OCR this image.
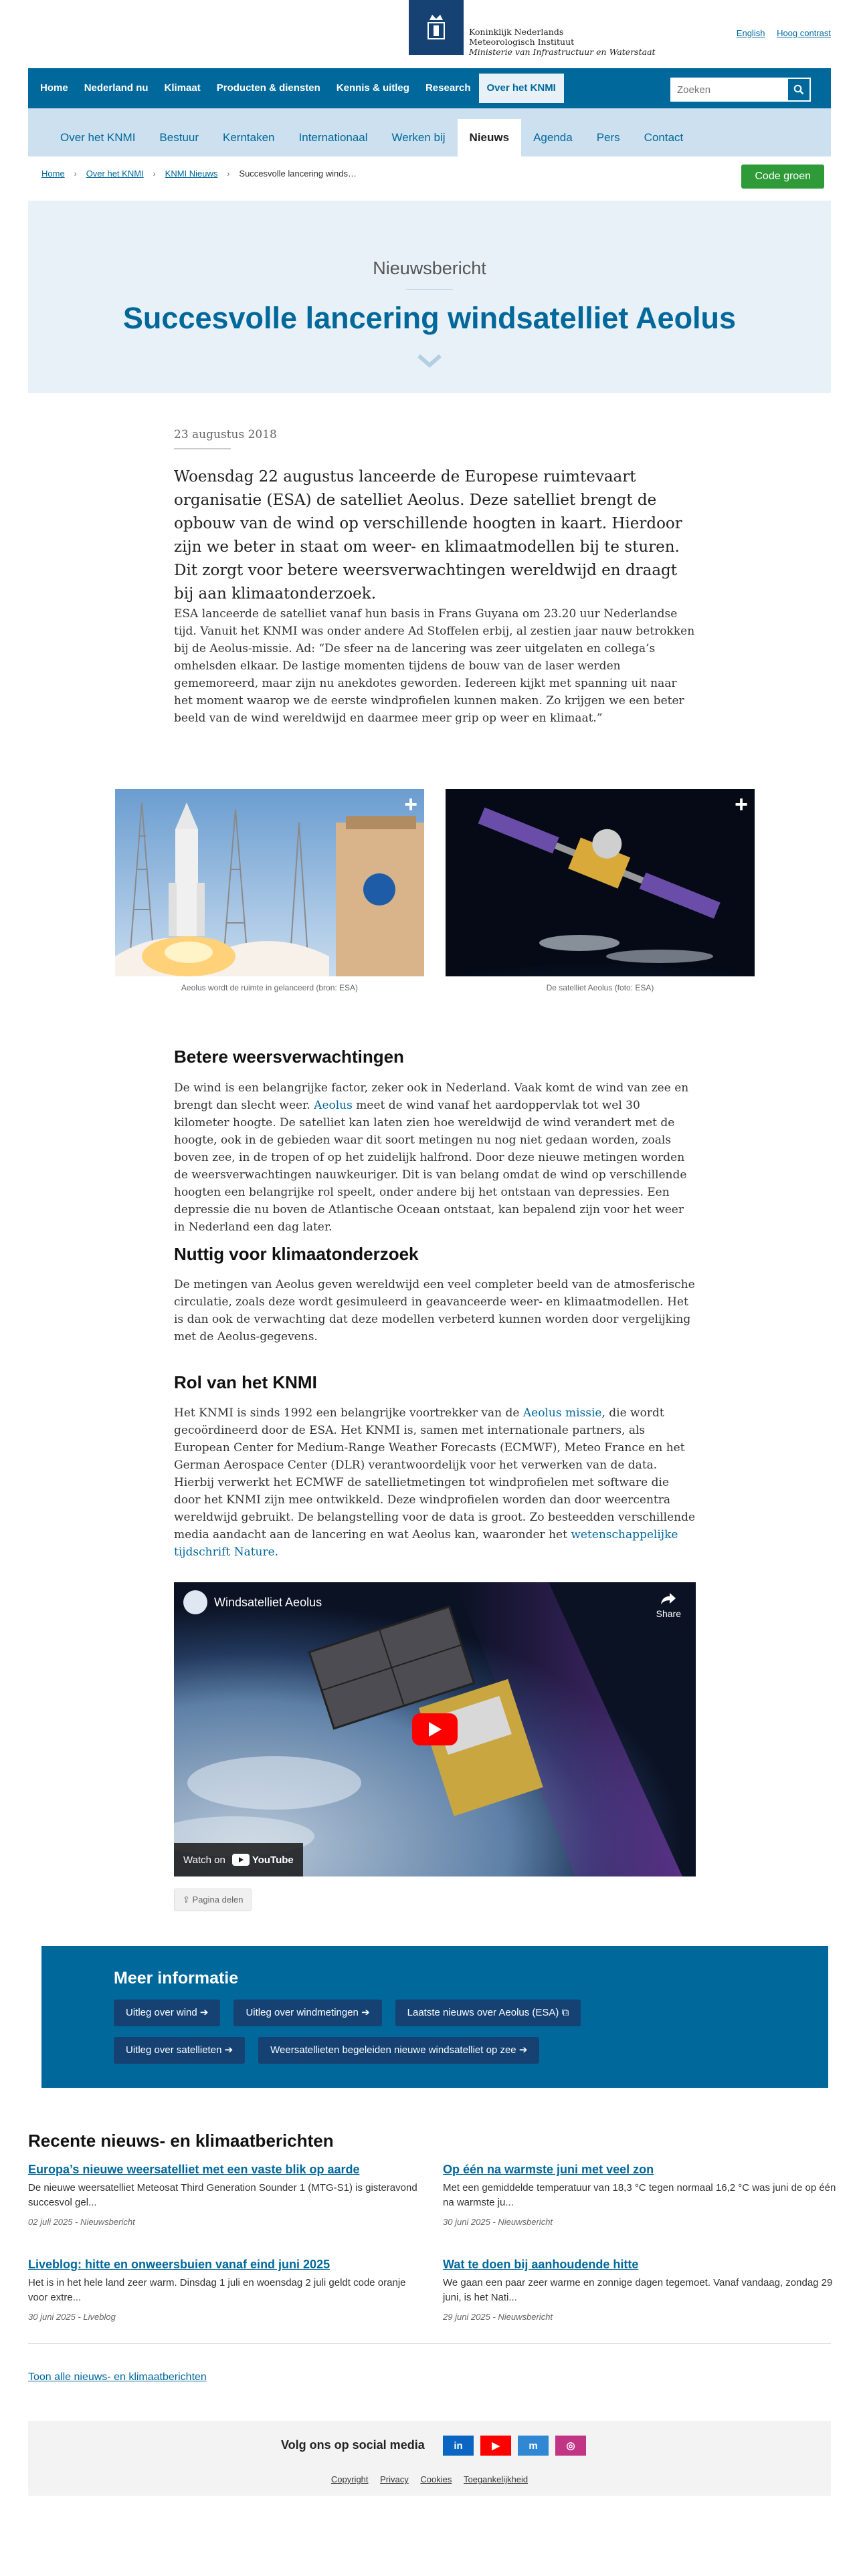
Koninklijk Nederlands
Meteorologisch Instituut
Ministerie van Infrastructuur en Waterstaat
English Hoog contrast
Home	Nederland nu	Klimaat	Producten & diensten	Kennis & uitleg	Research	Over het KNMI
Zoeken
Over het KNMI	Bestuur	Kerntaken	Internationaal	Werken bij	Nieuws	Agenda	Pers	Contact
Home › Over het KNMI › KNMI Nieuws › Succesvolle lancering winds…	Code groen
Nieuwsbericht
Succesvolle lancering windsatelliet Aeolus
23 augustus 2018

Woensdag 22 augustus lanceerde de Europese ruimtevaart organisatie (ESA) de satelliet Aeolus. Deze satelliet brengt de opbouw van de wind op verschillende hoogten in kaart. Hierdoor zijn we beter in staat om weer- en klimaatmodellen bij te sturen. Dit zorgt voor betere weersverwachtingen wereldwijd en draagt bij aan klimaatonderzoek.

ESA lanceerde de satelliet vanaf hun basis in Frans Guyana om 23.20 uur Nederlandse tijd. Vanuit het KNMI was onder andere Ad Stoffelen erbij, al zestien jaar nauw betrokken bij de Aeolus-missie. Ad: “De sfeer na de lancering was zeer uitgelaten en collega’s omhelsden elkaar. De lastige momenten tijdens de bouw van de laser werden gememoreerd, maar zijn nu anekdotes geworden. Iedereen kijkt met spanning uit naar het moment waarop we de eerste windprofielen kunnen maken. Zo krijgen we een beter beeld van de wind wereldwijd en daarmee meer grip op weer en klimaat.”

+
Aeolus wordt de ruimte in gelanceerd (bron: ESA)
+
De satelliet Aeolus (foto: ESA)
Betere weersverwachtingen

De wind is een belangrijke factor, zeker ook in Nederland. Vaak komt de wind van zee en brengt dan slecht weer. Aeolus meet de wind vanaf het aardoppervlak tot wel 30 kilometer hoogte. De satelliet kan laten zien hoe wereldwijd de wind verandert met de hoogte, ook in de gebieden waar dit soort metingen nu nog niet gedaan worden, zoals boven zee, in de tropen of op het zuidelijk halfrond. Door deze nieuwe metingen worden de weersverwachtingen nauwkeuriger. Dit is van belang omdat de wind op verschillende hoogten een belangrijke rol speelt, onder andere bij het ontstaan van depressies. Een depressie die nu boven de Atlantische Oceaan ontstaat, kan bepalend zijn voor het weer in Nederland een dag later.

Nuttig voor klimaatonderzoek

De metingen van Aeolus geven wereldwijd een veel completer beeld van de atmosferische circulatie, zoals deze wordt gesimuleerd in geavanceerde weer- en klimaatmodellen. Het is dan ook de verwachting dat deze modellen verbeterd kunnen worden door vergelijking met de Aeolus-gegevens.

Rol van het KNMI

Het KNMI is sinds 1992 een belangrijke voortrekker van de Aeolus missie, die wordt gecoördineerd door de ESA. Het KNMI is, samen met internationale partners, als European Center for Medium-Range Weather Forecasts (ECMWF), Meteo France en het German Aerospace Center (DLR) verantwoordelijk voor het verwerken van de data. Hierbij verwerkt het ECMWF de satellietmetingen tot windprofielen met software die door het KNMI zijn mee ontwikkeld. Deze windprofielen worden dan door weercentra wereldwijd gebruikt. De belangstelling voor de data is groot. Zo besteedden verschillende media aandacht aan de lancering en wat Aeolus kan, waaronder het wetenschappelijke tijdschrift Nature.

Windsatelliet Aeolus
Share
Watch on	YouTube
⇪ Pagina delen
Meer informatie
Uitleg over wind ➔	Uitleg over windmetingen ➔	Laatste nieuws over Aeolus (ESA) ⧉
Uitleg over satellieten ➔	Weersatellieten begeleiden nieuwe windsatelliet op zee ➔
Recente nieuws- en klimaatberichten
Europa’s nieuwe weersatelliet met een vaste blik op aarde
De nieuwe weersatelliet Meteosat Third Generation Sounder 1 (MTG-S1) is gisteravond succesvol gel...
02 juli 2025 - Nieuwsbericht
Op één na warmste juni met veel zon
Met een gemiddelde temperatuur van 18,3 °C tegen normaal 16,2 °C was juni de op één na warmste ju...
30 juni 2025 - Nieuwsbericht
Liveblog: hitte en onweersbuien vanaf eind juni 2025
Het is in het hele land zeer warm. Dinsdag 1 juli en woensdag 2 juli geldt code oranje voor extre...
30 juni 2025 - Liveblog
Wat te doen bij aanhoudende hitte
We gaan een paar zeer warme en zonnige dagen tegemoet. Vanaf vandaag, zondag 29 juni, is het Nati...
29 juni 2025 - Nieuwsbericht
Toon alle nieuws- en klimaatberichten
Volg ons op social media	in	▶	m	◎
Copyright Privacy Cookies Toegankelijkheid
